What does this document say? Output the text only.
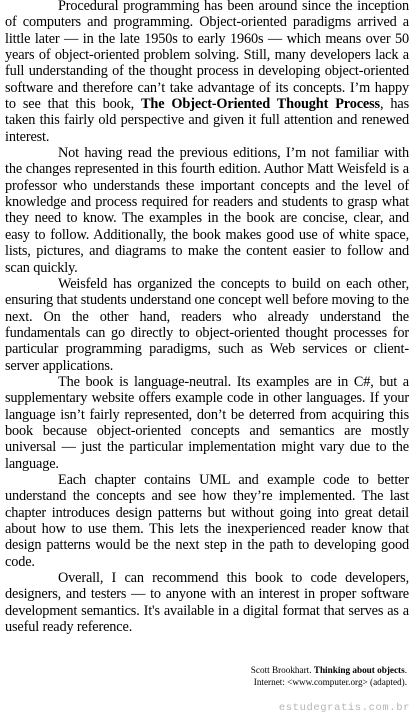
Procedural programming has been around since the inception of computers and programming. Object-oriented paradigms arrived a little later — in the late 1950s to early 1960s — which means over 50 years of object-oriented problem solving. Still, many developers lack a full understanding of the thought process in developing object-oriented software and therefore can’t take advantage of its concepts. I’m happy to see that this book, The Object-Oriented Thought Process, has taken this fairly old perspective and given it full attention and renewed interest.

Not having read the previous editions, I’m not familiar with the changes represented in this fourth edition. Author Matt Weisfeld is a professor who understands these important concepts and the level of knowledge and process required for readers and students to grasp what they need to know. The examples in the book are concise, clear, and easy to follow. Additionally, the book makes good use of white space, lists, pictures, and diagrams to make the content easier to follow and scan quickly.

Weisfeld has organized the concepts to build on each other, ensuring that students understand one concept well before moving to the next. On the other hand, readers who already understand the fundamentals can go directly to object-oriented thought processes for particular programming paradigms, such as Web services or client-server applications.

The book is language-neutral. Its examples are in C#, but a supplementary website offers example code in other languages. If your language isn’t fairly represented, don’t be deterred from acquiring this book because object-oriented concepts and semantics are mostly universal — just the particular implementation might vary due to the language.

Each chapter contains UML and example code to better understand the concepts and see how they’re implemented. The last chapter introduces design patterns but without going into great detail about how to use them. This lets the inexperienced reader know that design patterns would be the next step in the path to developing good code.

Overall, I can recommend this book to code developers, designers, and testers — to anyone with an interest in proper software development semantics. It's available in a digital format that serves as a useful ready reference.

Scott Brookhart. Thinking about objects.
Internet: <www.computer.org> (adapted).
estudegratis.com.br
